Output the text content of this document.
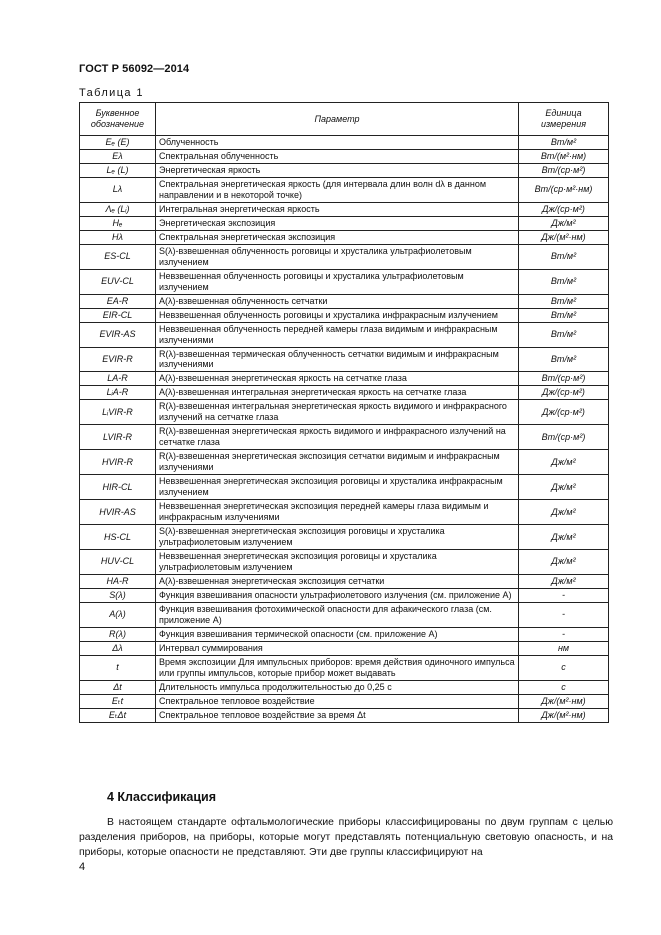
ГОСТ Р 56092—2014
Таблица 1
Буквенное обозначение	Параметр	Единица измерения
Eₑ (E)	Облученность	Вт/м²
Eλ	Спектральная облученность	Вт/(м²·нм)
Lₑ (L)	Энергетическая яркость	Вт/(ср·м²)
Lλ	Спектральная энергетическая яркость (для интервала длин волн dλ в данном направлении и в некоторой точке)	Вт/(ср·м²·нм)
Λₑ (Lᵢ)	Интегральная энергетическая яркость	Дж/(ср·м²)
Hₑ	Энергетическая экспозиция	Дж/м²
Hλ	Спектральная энергетическая экспозиция	Дж/(м²·нм)
ES-CL	S(λ)-взвешенная облученность роговицы и хрусталика ультрафиолетовым излучением	Вт/м²
EUV-CL	Невзвешенная облученность роговицы и хрусталика ультрафиолетовым излучением	Вт/м²
EA-R	A(λ)-взвешенная облученность сетчатки	Вт/м²
EIR-CL	Невзвешенная облученность роговицы и хрусталика инфракрасным излучением	Вт/м²
EVIR-AS	Невзвешенная облученность передней камеры глаза видимым и инфракрасным излучениями	Вт/м²
EVIR-R	R(λ)-взвешенная термическая облученность сетчатки видимым и инфракрасным излучениями	Вт/м²
LA-R	A(λ)-взвешенная энергетическая яркость на сетчатке глаза	Вт/(ср·м²)
LᵢA-R	A(λ)-взвешенная интегральная энергетическая яркость на сетчатке глаза	Дж/(ср·м²)
LᵢVIR-R	R(λ)-взвешенная интегральная энергетическая яркость видимого и инфракрасного излучений на сетчатке глаза	Дж/(ср·м²)
LVIR-R	R(λ)-взвешенная энергетическая яркость видимого и инфракрасного излучений на сетчатке глаза	Вт/(ср·м²)
HVIR-R	R(λ)-взвешенная энергетическая экспозиция сетчатки видимым и инфракрасным излучениями	Дж/м²
HIR-CL	Невзвешенная энергетическая экспозиция роговицы и хрусталика инфракрасным излучением	Дж/м²
HVIR-AS	Невзвешенная энергетическая экспозиция передней камеры глаза видимым и инфракрасным излучениями	Дж/м²
HS-CL	S(λ)-взвешенная энергетическая экспозиция роговицы и хрусталика ультрафиолетовым излучением	Дж/м²
HUV-CL	Невзвешенная энергетическая экспозиция роговицы и хрусталика ультрафиолетовым излучением	Дж/м²
HA-R	A(λ)-взвешенная энергетическая экспозиция сетчатки	Дж/м²
S(λ)	Функция взвешивания опасности ультрафиолетового излучения (см. приложение А)	-
A(λ)	Функция взвешивания фотохимической опасности для афакического глаза (см. приложение А)	-
R(λ)	Функция взвешивания термической опасности (см. приложение А)	-
Δλ	Интервал суммирования	нм
t	Время экспозиции Для импульсных приборов: время действия одиночного импульса или группы импульсов, которые прибор может выдавать	с
Δt	Длительность импульса продолжительностью до 0,25 с	с
Eₜt	Спектральное тепловое воздействие	Дж/(м²·нм)
EₜΔt	Спектральное тепловое воздействие за время Δt	Дж/(м²·нм)
4 Классификация
В настоящем стандарте офтальмологические приборы классифицированы по двум группам с целью разделения приборов, на приборы, которые могут представлять потенциальную световую опасность, и на приборы, которые опасности не представляют. Эти две группы классифицируют на
4
